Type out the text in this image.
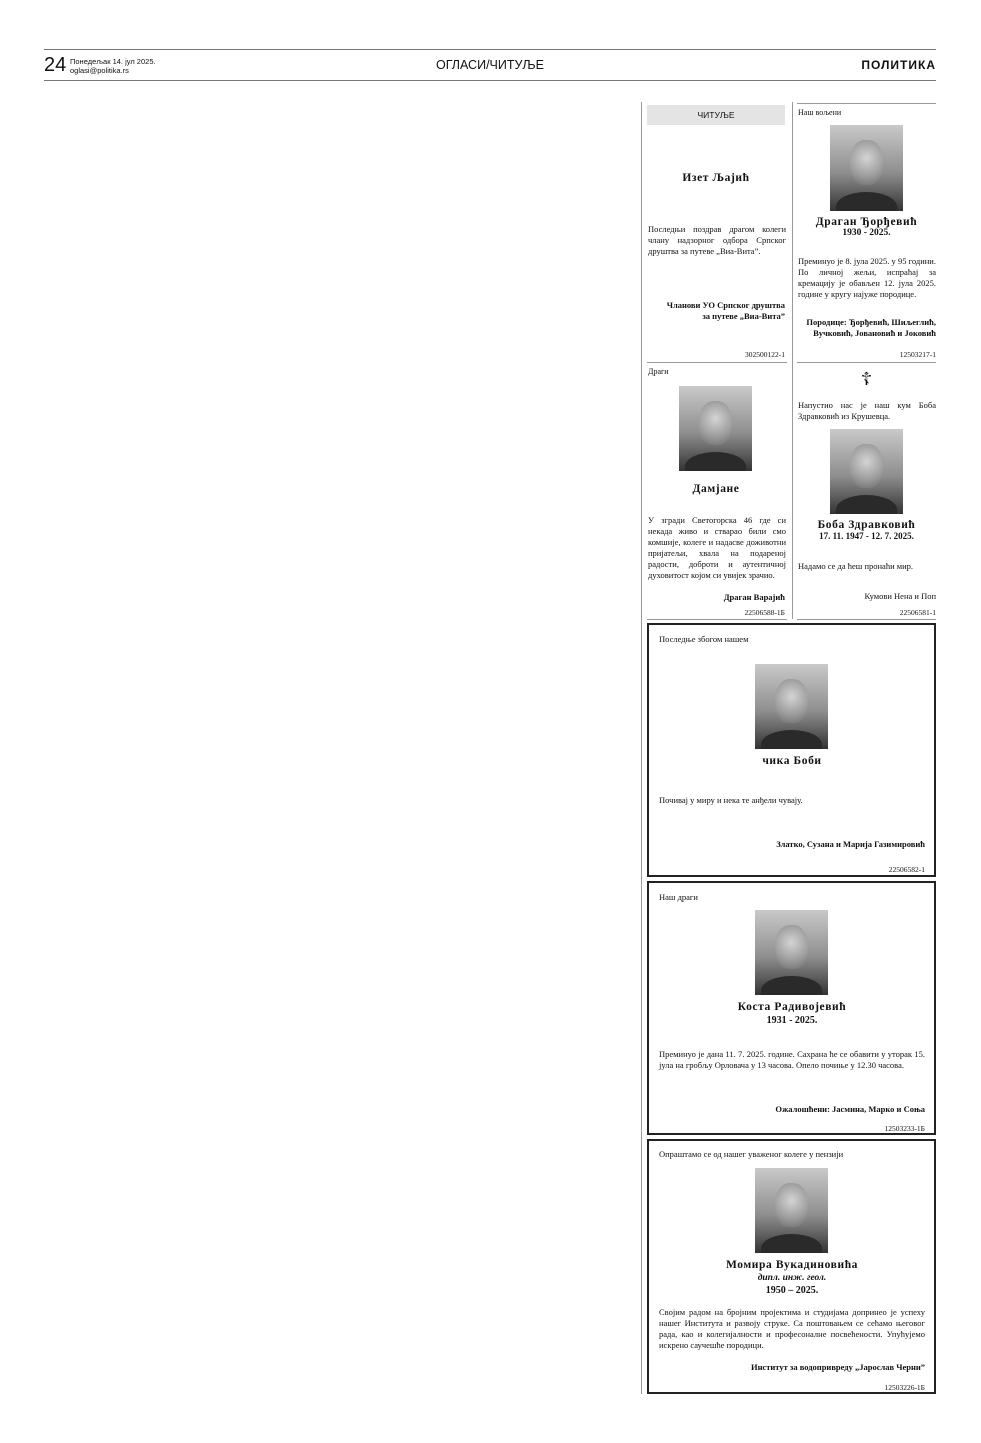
24 Понедељак 14. јул 2025.
oglasi@politika.rs	ОГЛАСИ/ЧИТУЉЕ	ПОЛИТИКА
ЧИТУЉЕ
Изет Љајић
Последњи поздрав драгом колеги члану надзорног одбора Српског друштва за путеве „Виа-Вита”.
Чланови УО Српског друштва
за путеве „Виа-Вита”
302500122-1
Наш вољени
Драган Ђорђевић
1930 - 2025.
Преминуо је 8. јула 2025. у 95 години. По личној жељи, испраћај за кремацију је обављен 12. јула 2025. године у кругу најуже породице.
Породице: Ђорђевић, Шиљеглић,
Вучковић, Јовановић и Јоковић
12503217-1
Драги
Дамјане
У згради Светогорска 46 где си некада живо и стварао били смо комшије, колеге и надасве доживотни пријатељи, хвала на подареној радости, доброти и аутентичној духовитост којом си увијек зрачио.
Драган Варајић
22506588-1Б
☦
Напустио нас је наш кум Боба Здравковић из Крушевца.
Боба Здравковић
17. 11. 1947 - 12. 7. 2025.
Надамо се да ћеш пронаћи мир.
Кумови Нена и Поп
22506581-1
Последње збогом нашем
чика Боби
Почивај у миру и нека те анђели чувају.
Златко, Сузана и Марија Газимировић
22506582-1
Наш драги
Коста Радивојевић
1931 - 2025.
Преминуо је дана 11. 7. 2025. године. Сахрана ће се обавити у уторак 15. јула на гробљу Орловача у 13 часова. Опело почиње у 12.30 часова.
Ожалошћени: Јасмина, Марко и Соња
12503233-1Б
Опраштамо се од нашег уваженог колеге у пензији
Момира Вукадиновића
дипл. инж. геол.
1950 – 2025.
Својим радом на бројним пројектима и студијама допринео је успеху нашег Института и развоју струке. Са поштовањем се сећамо његовог рада, као и колегијалности и професоналне посвећености. Упућујемо искрено саучешће породици.
Институт за водопривреду „Јарослав Черни”
12503226-1Б
